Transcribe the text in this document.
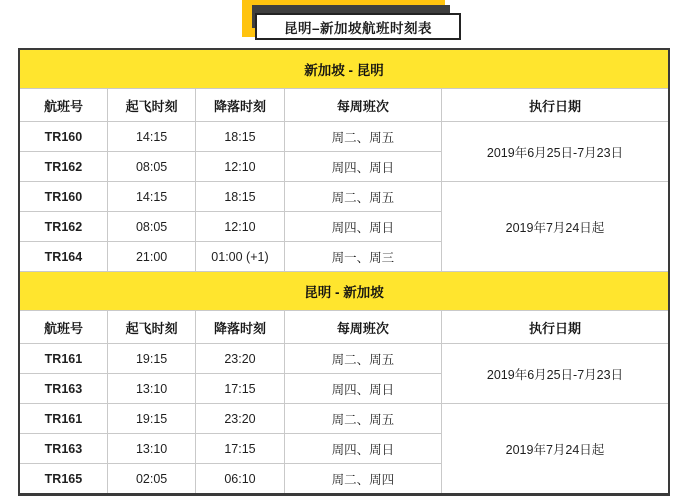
昆明–新加坡航班时刻表
新加坡 - 昆明				
航班号	起飞时刻	降落时刻	每周班次	执行日期
TR160	14:15	18:15	周二、周五	2019年6月25日-7月23日
TR162	08:05	12:10	周四、周日	
TR160	14:15	18:15	周二、周五	2019年7月24日起
TR162	08:05	12:10	周四、周日	
TR164	21:00	01:00 (+1)	周一、周三	
昆明 - 新加坡				
航班号	起飞时刻	降落时刻	每周班次	执行日期
TR161	19:15	23:20	周二、周五	2019年6月25日-7月23日
TR163	13:10	17:15	周四、周日	
TR161	19:15	23:20	周二、周五	2019年7月24日起
TR163	13:10	17:15	周四、周日	
TR165	02:05	06:10	周二、周四	
